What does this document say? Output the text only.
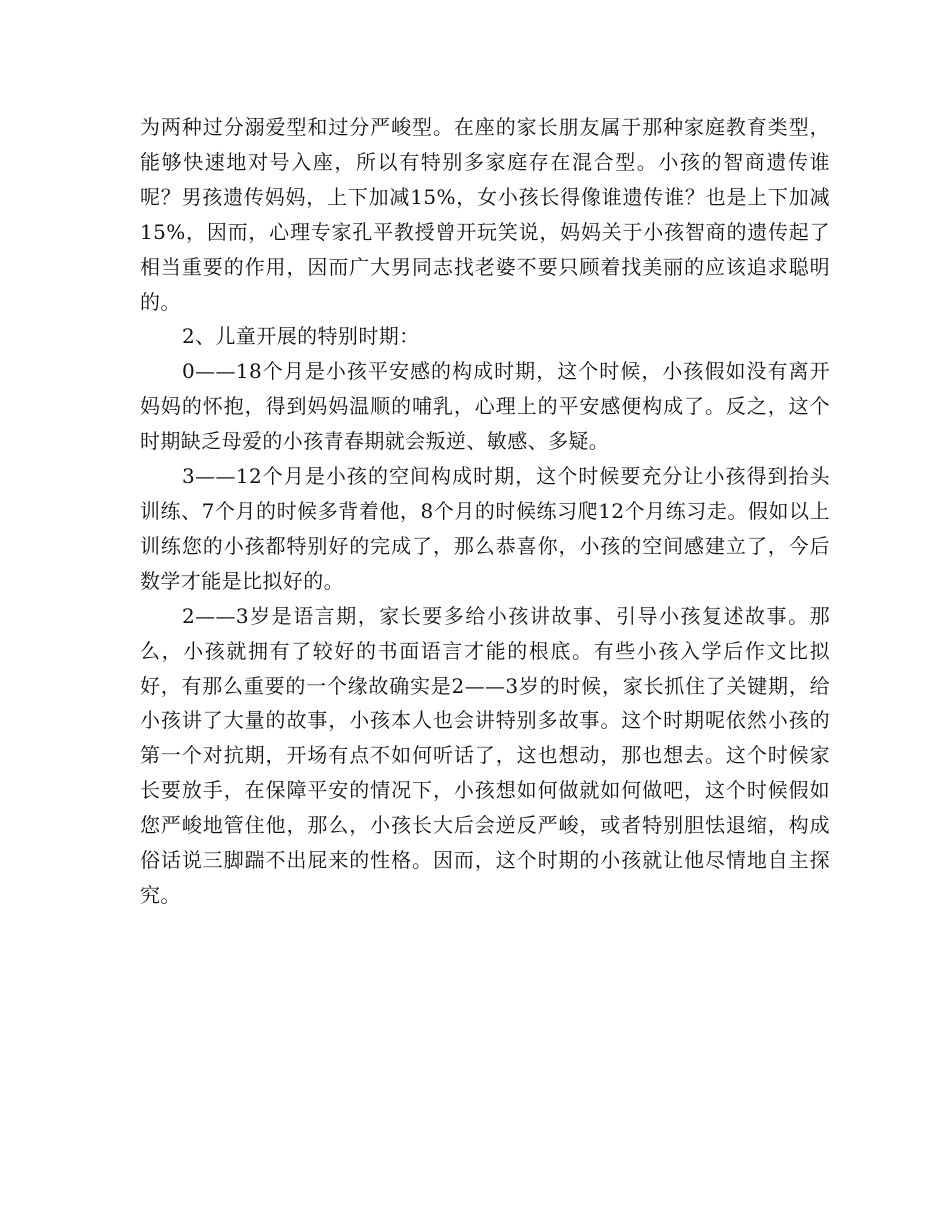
为两种过分溺爱型和过分严峻型。在座的家长朋友属于那种家庭教育类型，能够快速地对号入座，所以有特别多家庭存在混合型。小孩的智商遗传谁呢？男孩遗传妈妈，上下加减15%，女小孩长得像谁遗传谁？也是上下加减15%，因而，心理专家孔平教授曾开玩笑说，妈妈关于小孩智商的遗传起了相当重要的作用，因而广大男同志找老婆不要只顾着找美丽的应该追求聪明的。

2、儿童开展的特别时期：

0——18个月是小孩平安感的构成时期，这个时候，小孩假如没有离开妈妈的怀抱，得到妈妈温顺的哺乳，心理上的平安感便构成了。反之，这个时期缺乏母爱的小孩青春期就会叛逆、敏感、多疑。

3——12个月是小孩的空间构成时期，这个时候要充分让小孩得到抬头训练、7个月的时候多背着他，8个月的时候练习爬12个月练习走。假如以上训练您的小孩都特别好的完成了，那么恭喜你，小孩的空间感建立了，今后数学才能是比拟好的。

2——3岁是语言期，家长要多给小孩讲故事、引导小孩复述故事。那么，小孩就拥有了较好的书面语言才能的根底。有些小孩入学后作文比拟好，有那么重要的一个缘故确实是2——3岁的时候，家长抓住了关键期，给小孩讲了大量的故事，小孩本人也会讲特别多故事。这个时期呢依然小孩的第一个对抗期，开场有点不如何听话了，这也想动，那也想去。这个时候家长要放手，在保障平安的情况下，小孩想如何做就如何做吧，这个时候假如您严峻地管住他，那么，小孩长大后会逆反严峻，或者特别胆怯退缩，构成俗话说三脚踹不出屁来的性格。因而，这个时期的小孩就让他尽情地自主探究。
